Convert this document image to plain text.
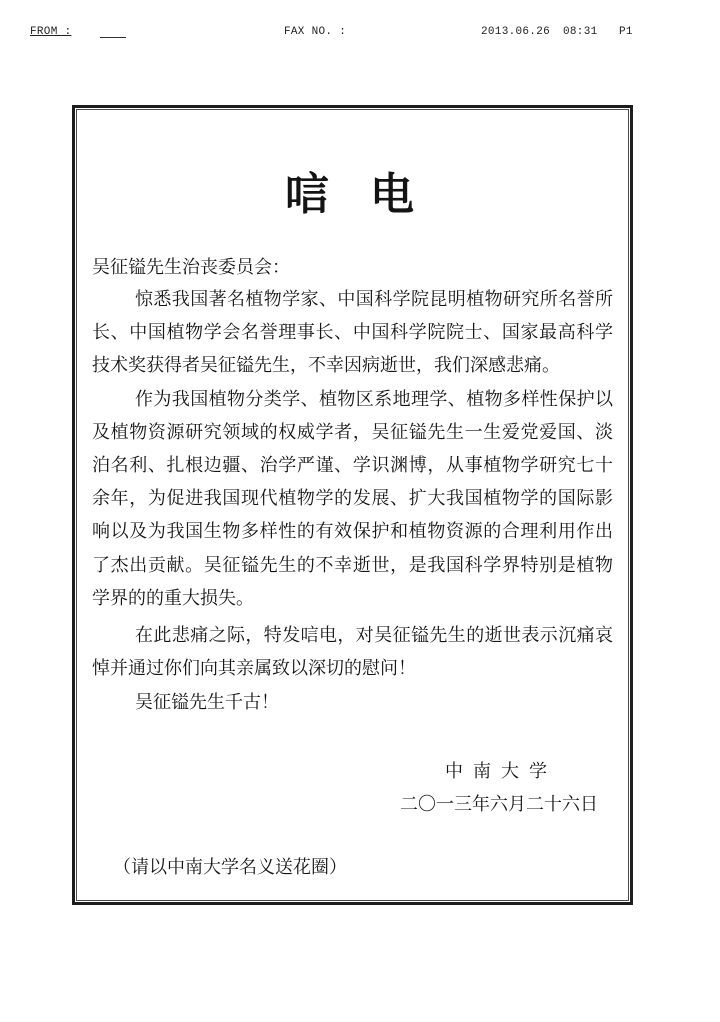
FROM :	FAX NO. :	2013.06.26 08:31 P1
唁 电
吴征镒先生治丧委员会：
惊悉我国著名植物学家、中国科学院昆明植物研究所名誉所
长、中国植物学会名誉理事长、中国科学院院士、国家最高科学
技术奖获得者吴征镒先生，不幸因病逝世，我们深感悲痛。
作为我国植物分类学、植物区系地理学、植物多样性保护以
及植物资源研究领域的权威学者，吴征镒先生一生爱党爱国、淡
泊名利、扎根边疆、治学严谨、学识渊博，从事植物学研究七十
余年，为促进我国现代植物学的发展、扩大我国植物学的国际影
响以及为我国生物多样性的有效保护和植物资源的合理利用作出
了杰出贡献。吴征镒先生的不幸逝世，是我国科学界特别是植物
学界的的重大损失。
在此悲痛之际，特发唁电，对吴征镒先生的逝世表示沉痛哀
悼并通过你们向其亲属致以深切的慰问！
吴征镒先生千古！
中南大学
二〇一三年六月二十六日
（请以中南大学名义送花圈）
